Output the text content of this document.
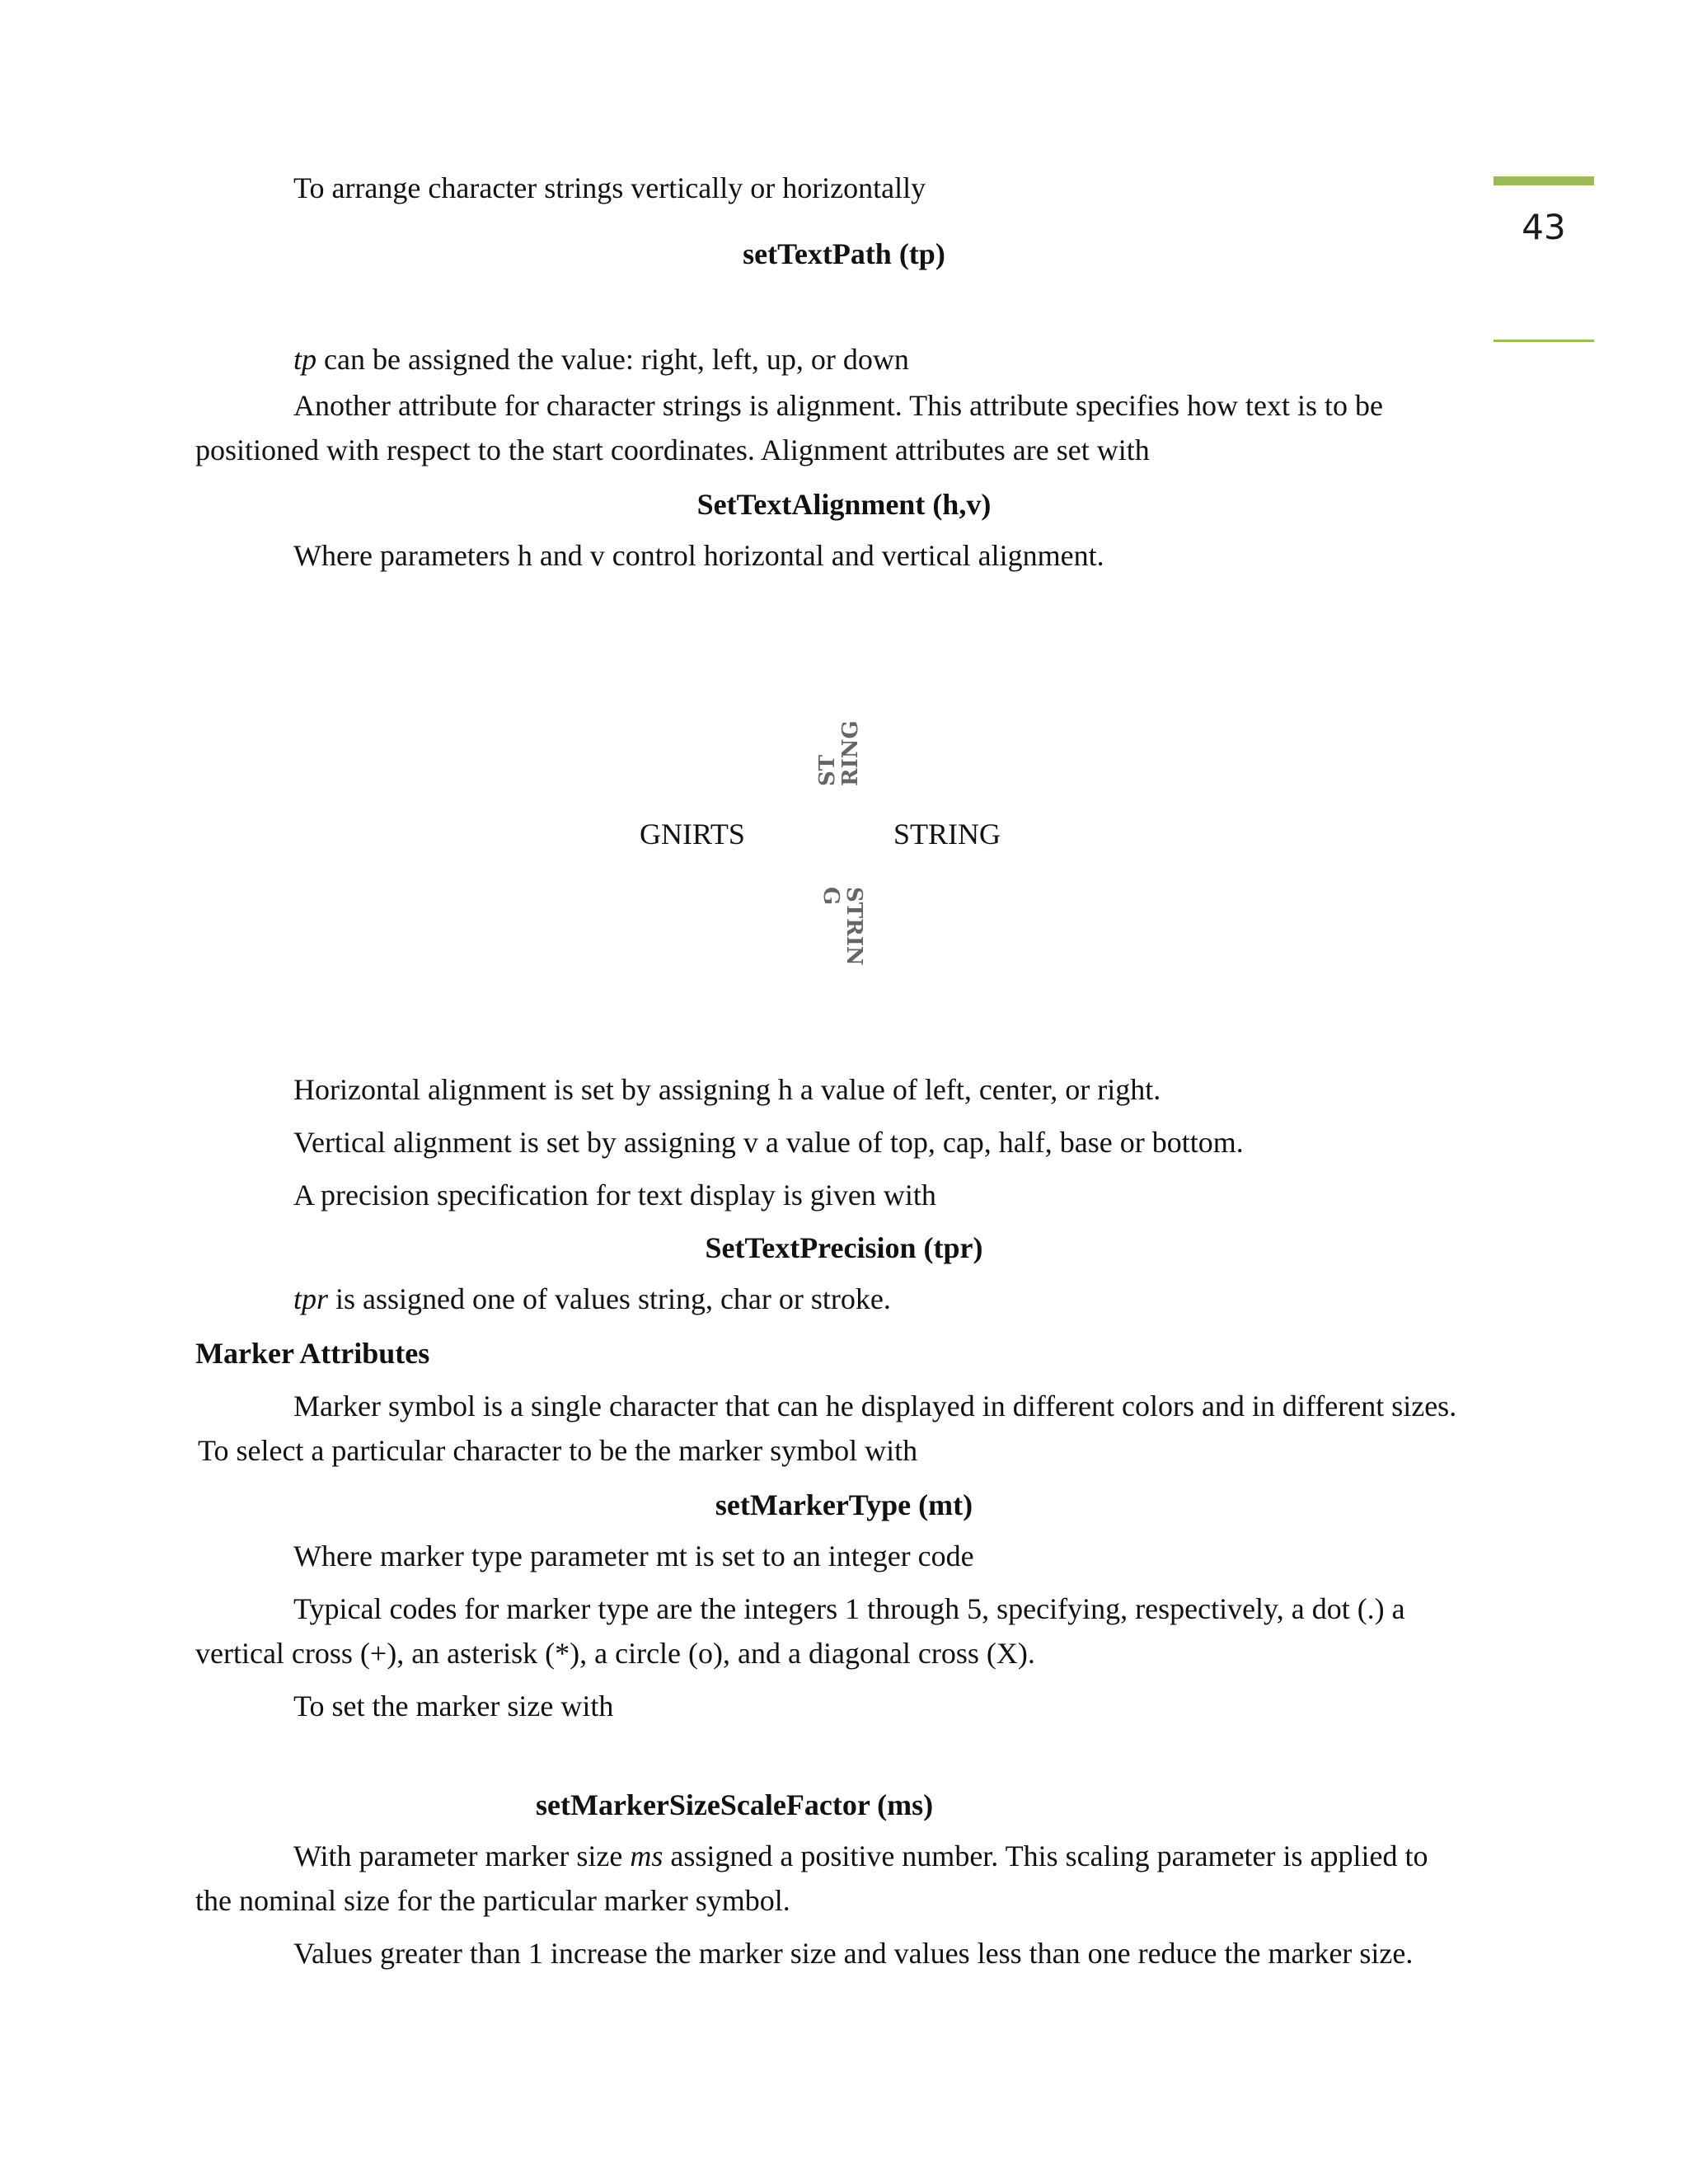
43
To arrange character strings vertically or horizontally
setTextPath (tp)
tp can be assigned the value: right, left, up, or down
Another attribute for character strings is alignment. This attribute specifies how text is to be
positioned with respect to the start coordinates. Alignment attributes are set with
SetTextAlignment (h,v)
Where parameters h and v control horizontal and vertical alignment.
ST
RING
GNIRTS	STRING
STRIN
G
Horizontal alignment is set by assigning h a value of left, center, or right.
Vertical alignment is set by assigning v a value of top, cap, half, base or bottom.
A precision specification for text display is given with
SetTextPrecision (tpr)
tpr is assigned one of values string, char or stroke.
Marker Attributes
Marker symbol is a single character that can he displayed in different colors and in different sizes.
To select a particular character to be the marker symbol with
setMarkerType (mt)
Where marker type parameter mt is set to an integer code
Typical codes for marker type are the integers 1 through 5, specifying, respectively, a dot (.) a
vertical cross (+), an asterisk (*), a circle (o), and a diagonal cross (X).
To set the marker size with
setMarkerSizeScaleFactor (ms)
With parameter marker size ms assigned a positive number. This scaling parameter is applied to
the nominal size for the particular marker symbol.
Values greater than 1 increase the marker size and values less than one reduce the marker size.
